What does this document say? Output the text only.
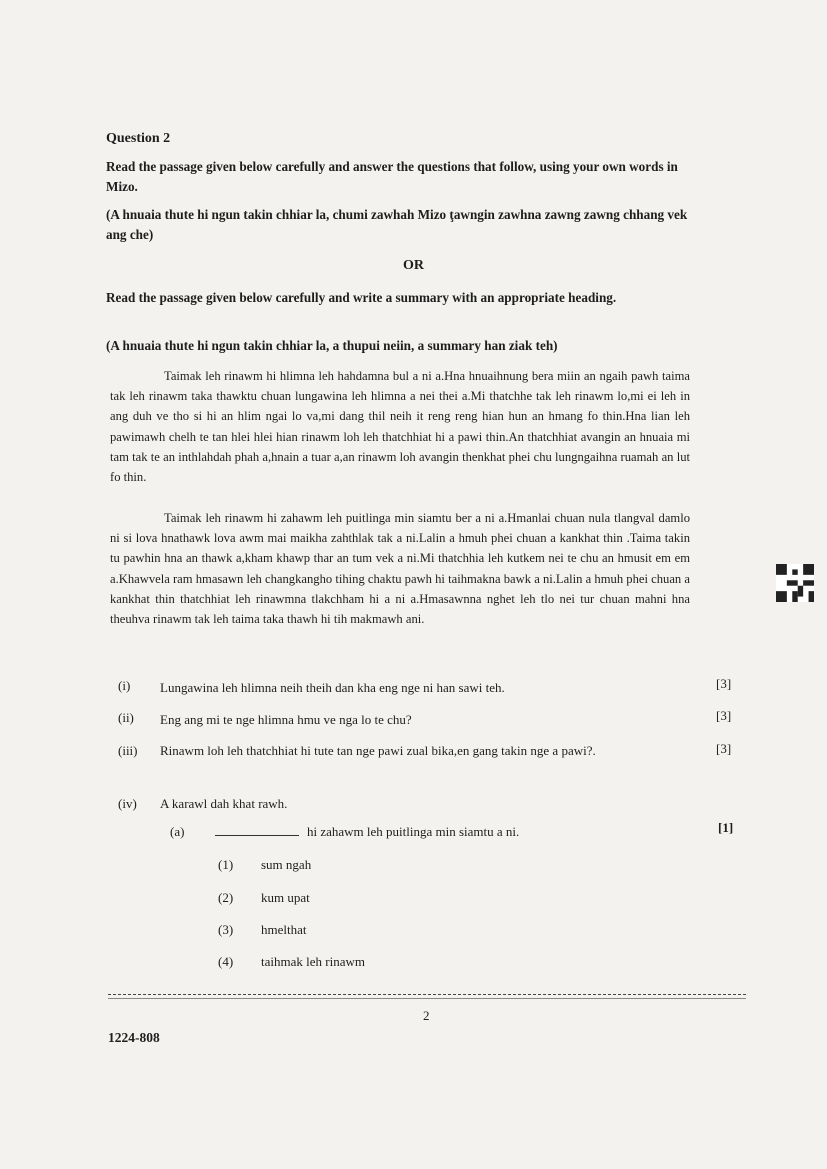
Question 2
Read the passage given below carefully and answer the questions that follow, using your own words in Mizo.
(A hnuaia thute hi ngun takin chhiar la, chumi zawhah Mizo ţawngin zawhna zawng zawng chhang vek ang che)
OR
Read the passage given below carefully and write a summary with an appropriate heading.
(A hnuaia thute hi ngun takin chhiar la, a thupui neiin, a summary han ziak teh)
Taimak leh rinawm hi hlimna leh hahdamna bul a ni a.Hna hnuaihnung bera miin an ngaih pawh taima tak leh rinawm taka thawktu chuan lungawina leh hlimna a nei thei a.Mi thatchhe tak leh rinawm lo,mi ei leh in ang duh ve tho si hi an hlim ngai lo va,mi dang thil neih it reng reng hian hun an hmang fo thin.Hna lian leh pawimawh chelh te tan hlei hlei hian rinawm loh leh thatchhiat hi a pawi thin.An thatchhiat avangin an hnuaia mi tam tak te an inthlahdah phah a,hnain a tuar a,an rinawm loh avangin thenkhat phei chu lungngaihna ruamah an lut fo thin.
Taimak leh rinawm hi zahawm leh puitlinga min siamtu ber a ni a.Hmanlai chuan nula tlangval damlo ni si lova hnathawk lova awm mai maikha zahthlak tak a ni.Lalin a hmuh phei chuan a kankhat thin .Taima takin tu pawhin hna an thawk a,kham khawp thar an tum vek a ni.Mi thatchhia leh kutkem nei te chu an hmusit em em a.Khawvela ram hmasawn leh changkangho tihing chaktu pawh hi taihmakna bawk a ni.Lalin a hmuh phei chuan a kankhat thin thatchhiat leh rinawmna tlakchham hi a ni a.Hmasawnna nghet leh tlo nei tur chuan mahni hna theuhva rinawm tak leh taima taka thawh hi tih makmawh ani.
(i) Lungawina leh hlimna neih theih dan kha eng nge ni han sawi teh.	[3]
(ii) Eng ang mi te nge hlimna hmu ve nga lo te chu?	[3]
(iii) Rinawm loh leh thatchhiat hi tute tan nge pawi zual bika,en gang takin nge a pawi?.	[3]
(iv) A karawl dah khat rawh.
(a)	hi zahawm leh puitlinga min siamtu a ni.	[1]
(1) sum ngah
(2) kum upat
(3) hmelthat
(4) taihmak leh rinawm
2
1224-808
